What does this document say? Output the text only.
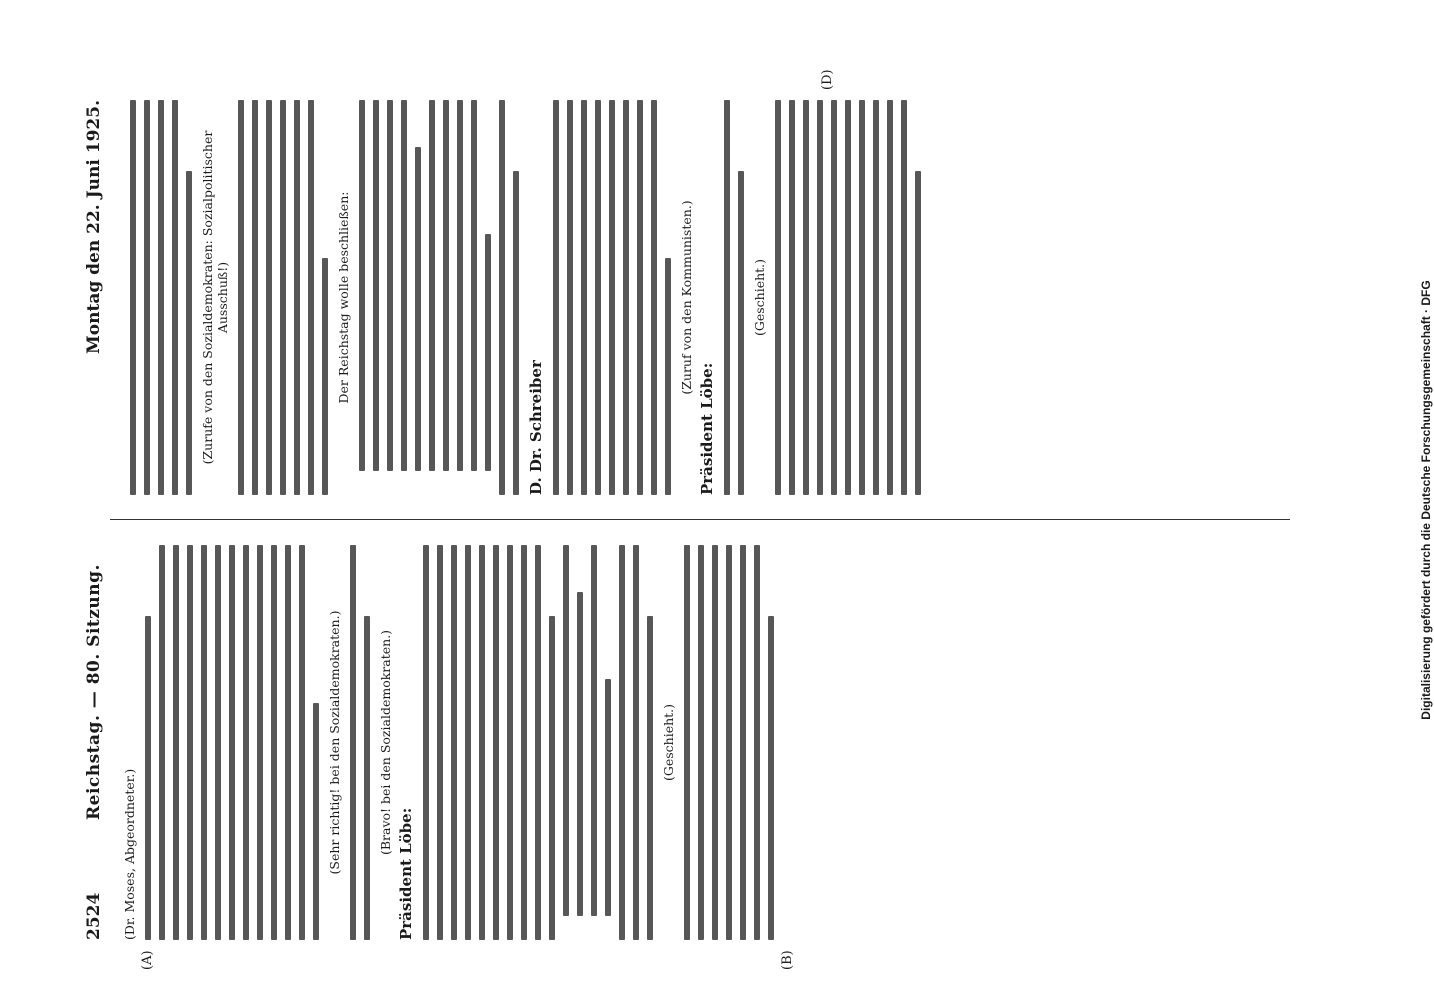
2524
Reichstag. — 80. Sitzung.
Montag den 22. Juni 1925.
(A)	(B)
(D)
(Dr. Moses, Abgeordneter.)	(Sehr richtig! bei den Sozialdemokraten.)	(Bravo! bei den Sozialdemokraten.)
Präsident Löbe:
(Geschieht.)
(Zurufe von den Sozialdemokraten: Sozialpolitischer Ausschuß!)	Der Reichstag wolle beschließen:
D. Dr. Schreiber
(Zuruf von den Kommunisten.)
Präsident Löbe:
(Geschieht.)	Digitalisierung gefördert durch die Deutsche Forschungsgemeinschaft · DFG
